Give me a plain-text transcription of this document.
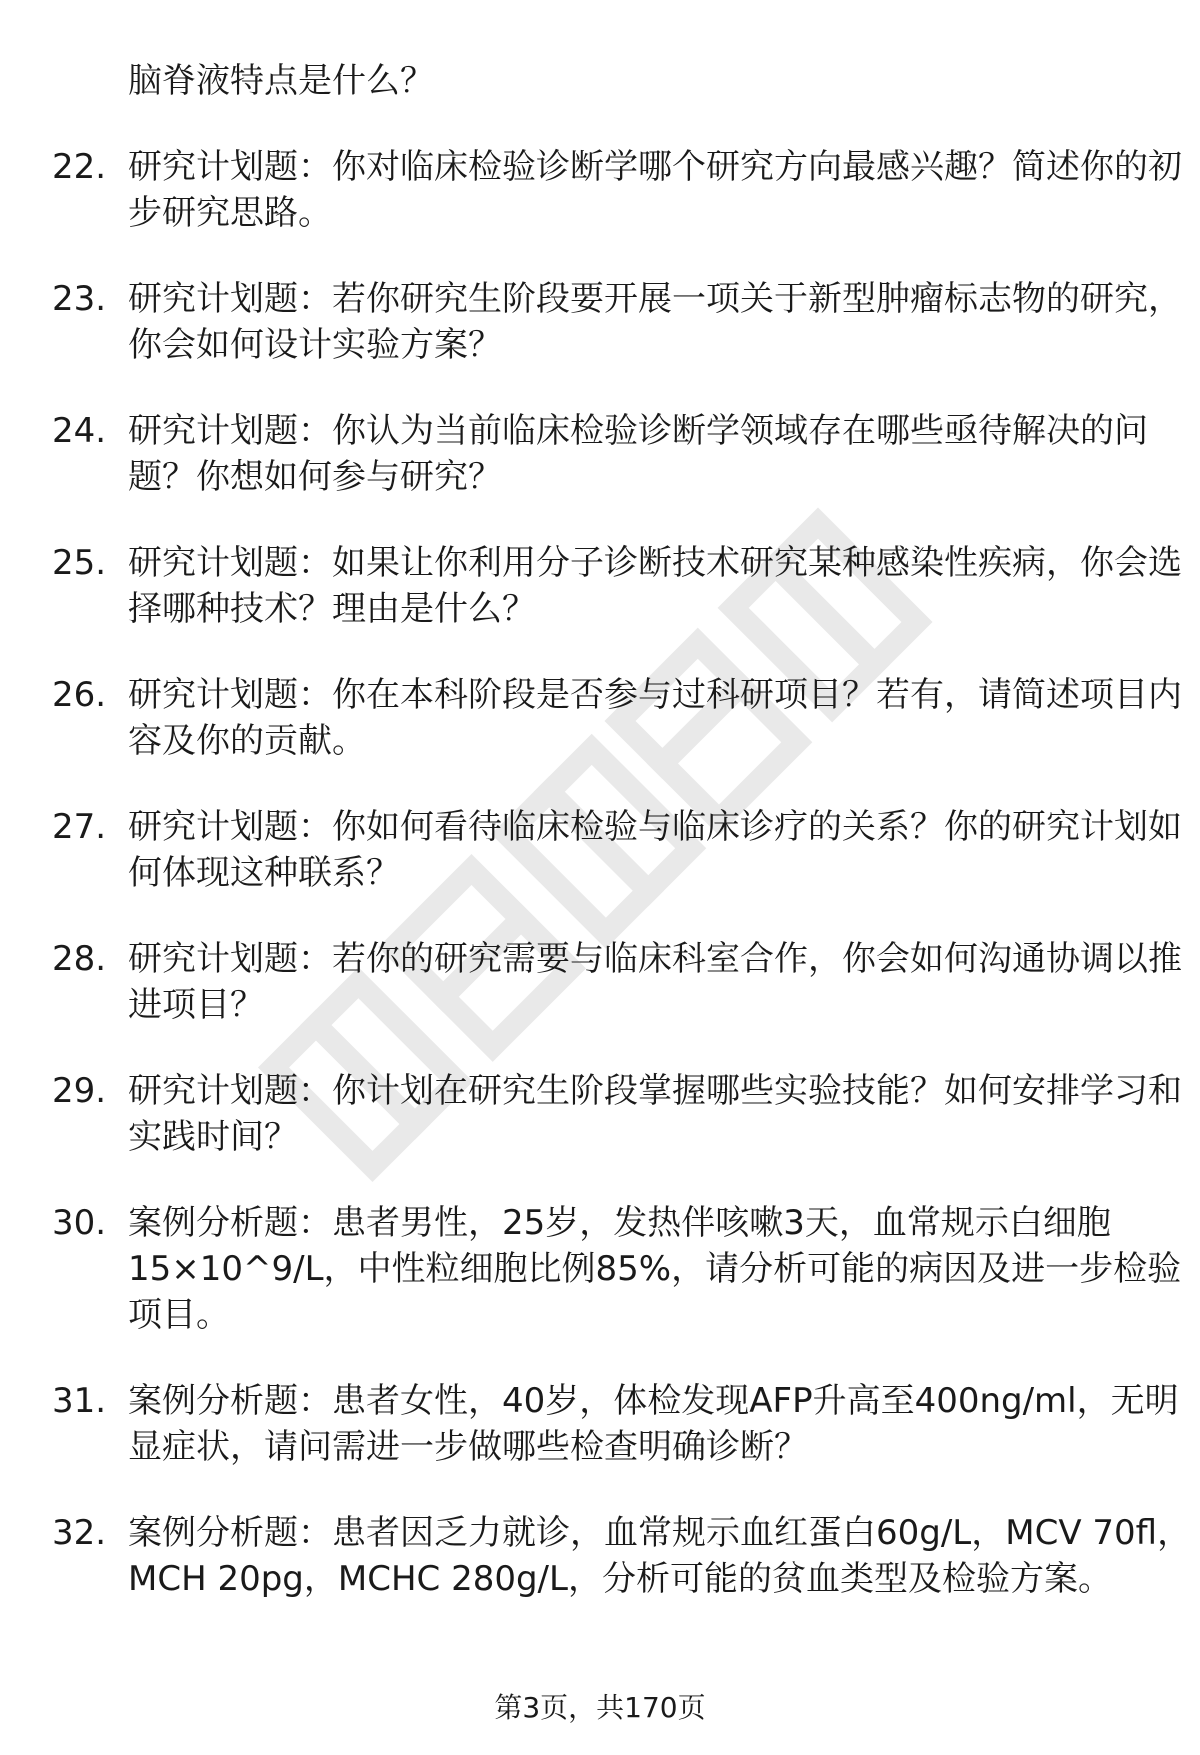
脑脊液特点是什么？
22. 研究计划题：你对临床检验诊断学哪个研究方向最感兴趣？简述你的初步研究思路。
23. 研究计划题：若你研究生阶段要开展一项关于新型肿瘤标志物的研究，你会如何设计实验方案？
24. 研究计划题：你认为当前临床检验诊断学领域存在哪些亟待解决的问题？你想如何参与研究？
25. 研究计划题：如果让你利用分子诊断技术研究某种感染性疾病，你会选择哪种技术？理由是什么？
26. 研究计划题：你在本科阶段是否参与过科研项目？若有，请简述项目内容及你的贡献。
27. 研究计划题：你如何看待临床检验与临床诊疗的关系？你的研究计划如何体现这种联系？
28. 研究计划题：若你的研究需要与临床科室合作，你会如何沟通协调以推进项目？
29. 研究计划题：你计划在研究生阶段掌握哪些实验技能？如何安排学习和实践时间？
30. 案例分析题：患者男性，25岁，发热伴咳嗽3天，血常规示白细胞15×10^9/L，中性粒细胞比例85%，请分析可能的病因及进一步检验项目。
31. 案例分析题：患者女性，40岁，体检发现AFP升高至400ng/ml，无明显症状，请问需进一步做哪些检查明确诊断？
32. 案例分析题：患者因乏力就诊，血常规示血红蛋白60g/L，MCV 70fl，MCH 20pg，MCHC 280g/L，分析可能的贫血类型及检验方案。
第3页，共170页
